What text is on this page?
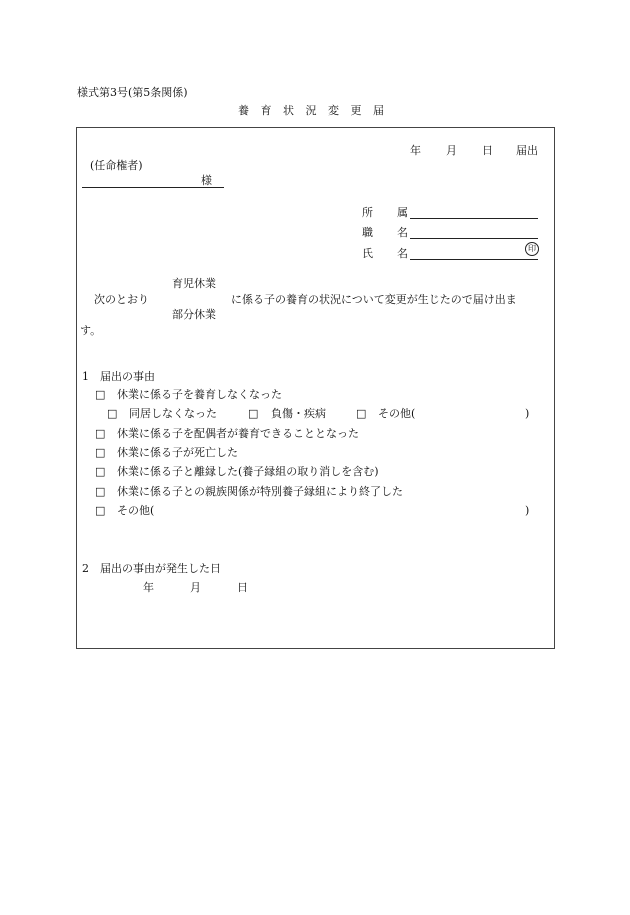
様式第3号(第5条関係)
養 育 状 況 変 更 届
年 月 日 届出
(任命権者)
様
所 属
職 名
氏 名	印
育児休業
次のとおり	に係る子の養育の状況について変更が生じたので届け出ま
部分休業
す。
1　届出の事由
□ 休業に係る子を養育しなくなった
□ 同居しなくなった	□ 負傷・疾病	□ その他(	)
□ 休業に係る子を配偶者が養育できることとなった
□ 休業に係る子が死亡した
□ 休業に係る子と離縁した(養子縁組の取り消しを含む)
□ 休業に係る子との親族関係が特別養子縁組により終了した
□ その他(	)
2　届出の事由が発生した日
年	月	日
